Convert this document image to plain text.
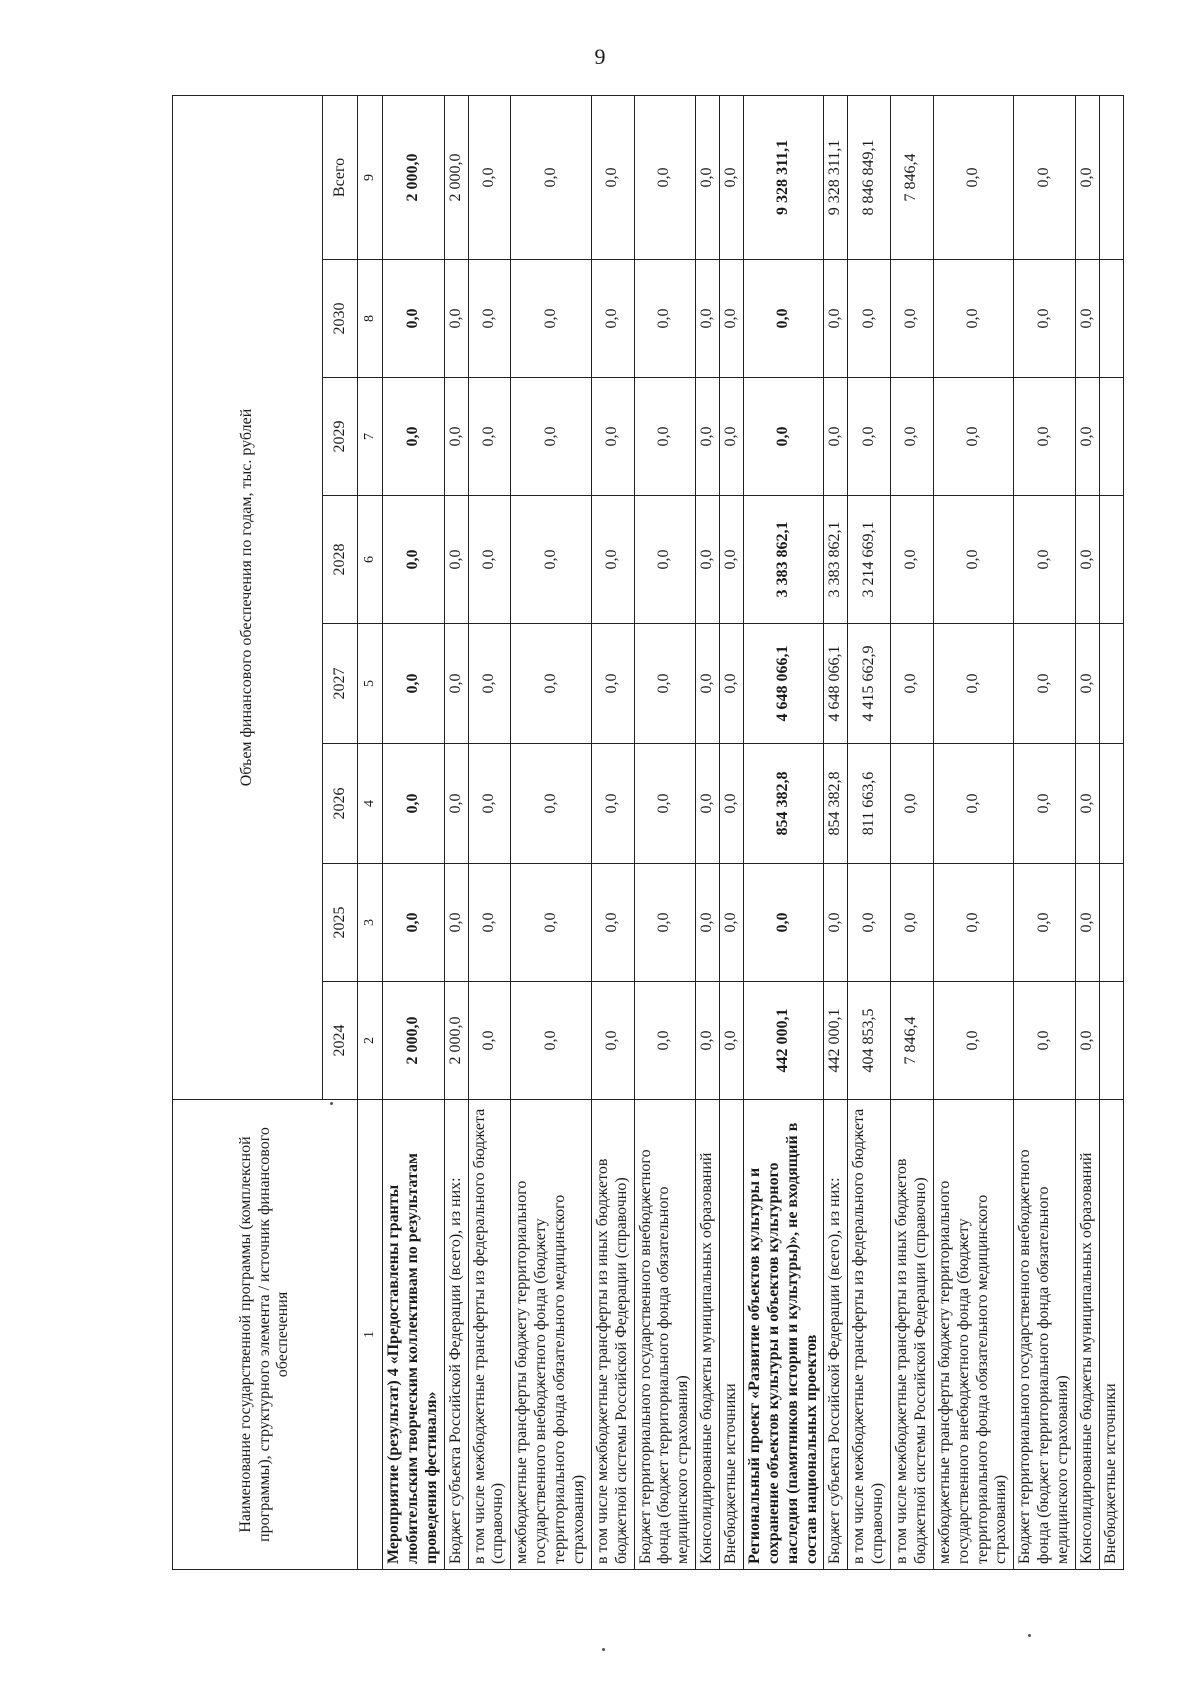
9
Наименование государственной программы (комплексной программы), структурного элемента / источник финансового обеспечения	Объем финансового обеспечения по годам, тыс. рублей							
	2024	2025	2026	2027	2028	2029	2030	Всего
1	2	3	4	5	6	7	8	9
Мероприятие (результат) 4 «Предоставлены гранты любительским творческим коллективам по результатам проведения фестиваля»	2 000,0	0,0	0,0	0,0	0,0	0,0	0,0	2 000,0
Бюджет субъекта Российской Федерации (всего), из них:	2 000,0	0,0	0,0	0,0	0,0	0,0	0,0	2 000,0
в том числе межбюджетные трансферты из федерального бюджета (справочно)	0,0	0,0	0,0	0,0	0,0	0,0	0,0	0,0
межбюджетные трансферты бюджету территориального государственного внебюджетного фонда (бюджету территориального фонда обязательного медицинского страхования)	0,0	0,0	0,0	0,0	0,0	0,0	0,0	0,0
в том числе межбюджетные трансферты из иных бюджетов бюджетной системы Российской Федерации (справочно)	0,0	0,0	0,0	0,0	0,0	0,0	0,0	0,0
Бюджет территориального государственного внебюджетного фонда (бюджет территориального фонда обязательного медицинского страхования)	0,0	0,0	0,0	0,0	0,0	0,0	0,0	0,0
Консолидированные бюджеты муниципальных образований	0,0	0,0	0,0	0,0	0,0	0,0	0,0	0,0
Внебюджетные источники	0,0	0,0	0,0	0,0	0,0	0,0	0,0	0,0
Региональный проект «Развитие объектов культуры и сохранение объектов культуры и объектов культурного наследия (памятников истории и культуры)», не входящий в состав национальных проектов	442 000,1	0,0	854 382,8	4 648 066,1	3 383 862,1	0,0	0,0	9 328 311,1
Бюджет субъекта Российской Федерации (всего), из них:	442 000,1	0,0	854 382,8	4 648 066,1	3 383 862,1	0,0	0,0	9 328 311,1
в том числе межбюджетные трансферты из федерального бюджета (справочно)	404 853,5	0,0	811 663,6	4 415 662,9	3 214 669,1	0,0	0,0	8 846 849,1
в том числе межбюджетные трансферты из иных бюджетов бюджетной системы Российской Федерации (справочно)	7 846,4	0,0	0,0	0,0	0,0	0,0	0,0	7 846,4
межбюджетные трансферты бюджету территориального государственного внебюджетного фонда (бюджету территориального фонда обязательного медицинского страхования)	0,0	0,0	0,0	0,0	0,0	0,0	0,0	0,0
Бюджет территориального государственного внебюджетного фонда (бюджет территориального фонда обязательного медицинского страхования)	0,0	0,0	0,0	0,0	0,0	0,0	0,0	0,0
Консолидированные бюджеты муниципальных образований	0,0	0,0	0,0	0,0	0,0	0,0	0,0	0,0
Внебюджетные источники								
